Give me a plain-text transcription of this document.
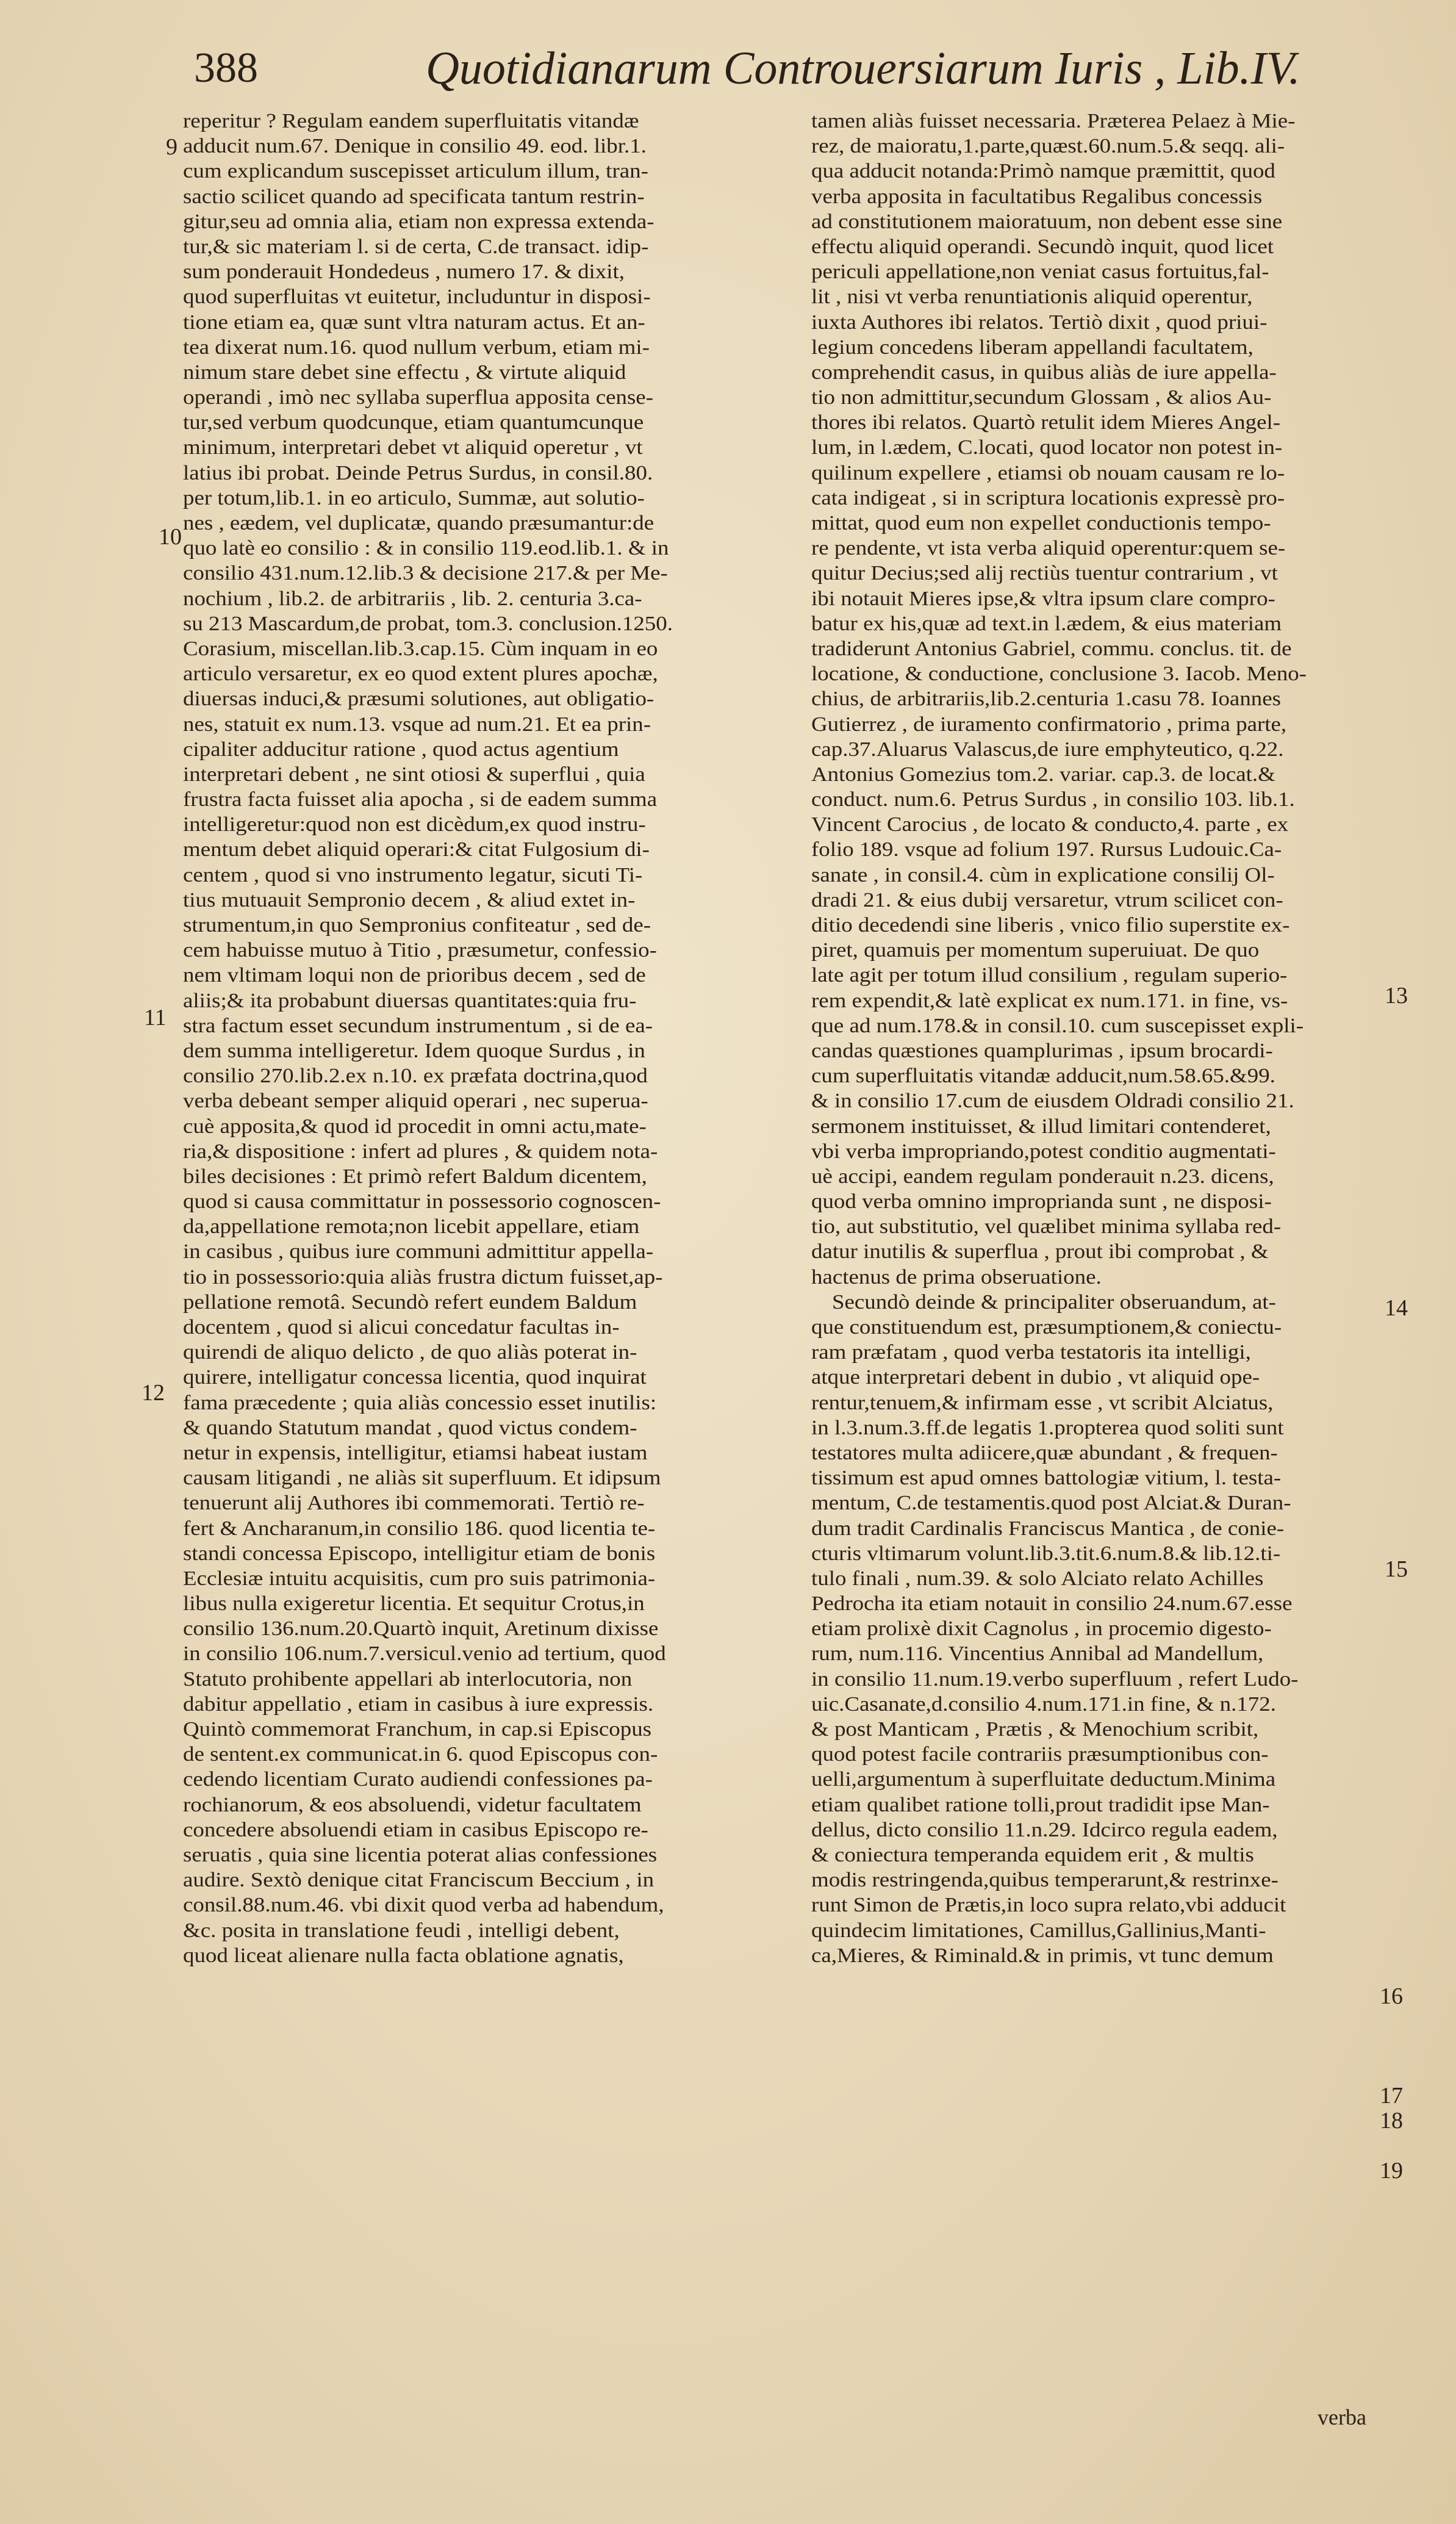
388	Quotidianarum Controuersiarum Iuris , Lib.IV.
reperitur ? Regulam eandem superfluitatis vitandæ
adducit num.67. Denique in consilio 49. eod. libr.1.
cum explicandum suscepisset articulum illum, tran-
sactio scilicet quando ad specificata tantum restrin-
gitur,seu ad omnia alia, etiam non expressa extenda-
tur,& sic materiam l. si de certa, C.de transact. idip-
sum ponderauit Hondedeus , numero 17. & dixit,
quod superfluitas vt euitetur, includuntur in disposi-
tione etiam ea, quæ sunt vltra naturam actus. Et an-
tea dixerat num.16. quod nullum verbum, etiam mi-
nimum stare debet sine effectu , & virtute aliquid
operandi , imò nec syllaba superflua apposita cense-
tur,sed verbum quodcunque, etiam quantumcunque
minimum, interpretari debet vt aliquid operetur , vt
latius ibi probat. Deinde Petrus Surdus, in consil.80.
per totum,lib.1. in eo articulo, Summæ, aut solutio-
nes , eædem, vel duplicatæ, quando præsumantur:de
quo latè eo consilio : & in consilio 119.eod.lib.1. & in
consilio 431.num.12.lib.3 & decisione 217.& per Me-
nochium , lib.2. de arbitrariis , lib. 2. centuria 3.ca-
su 213 Mascardum,de probat, tom.3. conclusion.1250.
Corasium, miscellan.lib.3.cap.15. Cùm inquam in eo
articulo versaretur, ex eo quod extent plures apochæ,
diuersas induci,& præsumi solutiones, aut obligatio-
nes, statuit ex num.13. vsque ad num.21. Et ea prin-
cipaliter adducitur ratione , quod actus agentium
interpretari debent , ne sint otiosi & superflui , quia
frustra facta fuisset alia apocha , si de eadem summa
intelligeretur:quod non est dicèdum,ex quod instru-
mentum debet aliquid operari:& citat Fulgosium di-
centem , quod si vno instrumento legatur, sicuti Ti-
tius mutuauit Sempronio decem , & aliud extet in-
strumentum,in quo Sempronius confiteatur , sed de-
cem habuisse mutuo à Titio , præsumetur, confessio-
nem vltimam loqui non de prioribus decem , sed de
aliis;& ita probabunt diuersas quantitates:quia fru-
stra factum esset secundum instrumentum , si de ea-
dem summa intelligeretur. Idem quoque Surdus , in
consilio 270.lib.2.ex n.10. ex præfata doctrina,quod
verba debeant semper aliquid operari , nec superua-
cuè apposita,& quod id procedit in omni actu,mate-
ria,& dispositione : infert ad plures , & quidem nota-
biles decisiones : Et primò refert Baldum dicentem,
quod si causa committatur in possessorio cognoscen-
da,appellatione remota;non licebit appellare, etiam
in casibus , quibus iure communi admittitur appella-
tio in possessorio:quia aliàs frustra dictum fuisset,ap-
pellatione remotâ. Secundò refert eundem Baldum
docentem , quod si alicui concedatur facultas in-
quirendi de aliquo delicto , de quo aliàs poterat in-
quirere, intelligatur concessa licentia, quod inquirat
fama præcedente ; quia aliàs concessio esset inutilis:
& quando Statutum mandat , quod victus condem-
netur in expensis, intelligitur, etiamsi habeat iustam
causam litigandi , ne aliàs sit superfluum. Et idipsum
tenuerunt alij Authores ibi commemorati. Tertiò re-
fert & Ancharanum,in consilio 186. quod licentia te-
standi concessa Episcopo, intelligitur etiam de bonis
Ecclesiæ intuitu acquisitis, cum pro suis patrimonia-
libus nulla exigeretur licentia. Et sequitur Crotus,in
consilio 136.num.20.Quartò inquit, Aretinum dixisse
in consilio 106.num.7.versicul.venio ad tertium, quod
Statuto prohibente appellari ab interlocutoria, non
dabitur appellatio , etiam in casibus à iure expressis.
Quintò commemorat Franchum, in cap.si Episcopus
de sentent.ex communicat.in 6. quod Episcopus con-
cedendo licentiam Curato audiendi confessiones pa-
rochianorum, & eos absoluendi, videtur facultatem
concedere absoluendi etiam in casibus Episcopo re-
seruatis , quia sine licentia poterat alias confessiones
audire. Sextò denique citat Franciscum Beccium , in
consil.88.num.46. vbi dixit quod verba ad habendum,
&c. posita in translatione feudi , intelligi debent,
quod liceat alienare nulla facta oblatione agnatis,
tamen aliàs fuisset necessaria. Præterea Pelaez à Mie-
rez, de maioratu,1.parte,quæst.60.num.5.& seqq. ali-
qua adducit notanda:Primò namque præmittit, quod
verba apposita in facultatibus Regalibus concessis
ad constitutionem maioratuum, non debent esse sine
effectu aliquid operandi. Secundò inquit, quod licet
periculi appellatione,non veniat casus fortuitus,fal-
lit , nisi vt verba renuntiationis aliquid operentur,
iuxta Authores ibi relatos. Tertiò dixit , quod priui-
legium concedens liberam appellandi facultatem,
comprehendit casus, in quibus aliàs de iure appella-
tio non admittitur,secundum Glossam , & alios Au-
thores ibi relatos. Quartò retulit idem Mieres Angel-
lum, in l.ædem, C.locati, quod locator non potest in-
quilinum expellere , etiamsi ob nouam causam re lo-
cata indigeat , si in scriptura locationis expressè pro-
mittat, quod eum non expellet conductionis tempo-
re pendente, vt ista verba aliquid operentur:quem se-
quitur Decius;sed alij rectiùs tuentur contrarium , vt
ibi notauit Mieres ipse,& vltra ipsum clare compro-
batur ex his,quæ ad text.in l.ædem, & eius materiam
tradiderunt Antonius Gabriel, commu. conclus. tit. de
locatione, & conductione, conclusione 3. Iacob. Meno-
chius, de arbitrariis,lib.2.centuria 1.casu 78. Ioannes
Gutierrez , de iuramento confirmatorio , prima parte,
cap.37.Aluarus Valascus,de iure emphyteutico, q.22.
Antonius Gomezius tom.2. variar. cap.3. de locat.&
conduct. num.6. Petrus Surdus , in consilio 103. lib.1.
Vincent Carocius , de locato & conducto,4. parte , ex
folio 189. vsque ad folium 197. Rursus Ludouic.Ca-
sanate , in consil.4. cùm in explicatione consilij Ol-
dradi 21. & eius dubij versaretur, vtrum scilicet con-
ditio decedendi sine liberis , vnico filio superstite ex-
piret, quamuis per momentum superuiuat. De quo
late agit per totum illud consilium , regulam superio-
rem expendit,& latè explicat ex num.171. in fine, vs-
que ad num.178.& in consil.10. cum suscepisset expli-
candas quæstiones quamplurimas , ipsum brocardi-
cum superfluitatis vitandæ adducit,num.58.65.&99.
& in consilio 17.cum de eiusdem Oldradi consilio 21.
sermonem instituisset, & illud limitari contenderet,
vbi verba impropriando,potest conditio augmentati-
uè accipi, eandem regulam ponderauit n.23. dicens,
quod verba omnino impropriandа sunt , ne disposi-
tio, aut substitutio, vel quælibet minima syllaba red-
datur inutilis & superflua , prout ibi comprobat , &
hactenus de prima obseruatione.
Secundò deinde & principaliter obseruandum, at-
que constituendum est, præsumptionem,& coniectu-
ram præfatam , quod verba testatoris ita intelligi,
atque interpretari debent in dubio , vt aliquid ope-
rentur,tenuem,& infirmam esse , vt scribit Alciatus,
in l.3.num.3.ff.de legatis 1.propterea quod soliti sunt
testatores multa adiicere,quæ abundant , & frequen-
tissimum est apud omnes battologiæ vitium, l. testa-
mentum, C.de testamentis.quod post Alciat.& Duran-
dum tradit Cardinalis Franciscus Mantica , de conie-
cturis vltimarum volunt.lib.3.tit.6.num.8.& lib.12.ti-
tulo finali , num.39. & solo Alciato relato Achilles
Pedrocha ita etiam notauit in consilio 24.num.67.esse
etiam prolixè dixit Cagnolus , in procemio digesto-
rum, num.116. Vincentius Annibal ad Mandellum,
in consilio 11.num.19.verbo superfluum , refert Ludo-
uic.Casanate,d.consilio 4.num.171.in fine, & n.172.
& post Manticam , Prætis , & Menochium scribit,
quod potest facile contrariis præsumptionibus con-
uelli,argumentum à superfluitate deductum.Minima
etiam qualibet ratione tolli,prout tradidit ipse Man-
dellus, dicto consilio 11.n.29. Idcirco regula eadem,
& coniectura temperanda equidem erit , & multis
modis restringenda,quibus temperarunt,& restrinxe-
runt Simon de Prætis,in loco supra relato,vbi adducit
quindecim limitationes, Camillus,Gallinius,Manti-
ca,Mieres, & Riminald.& in primis, vt tunc demum
9
10
11
12
13
14
15
16
17
18
19
verba
